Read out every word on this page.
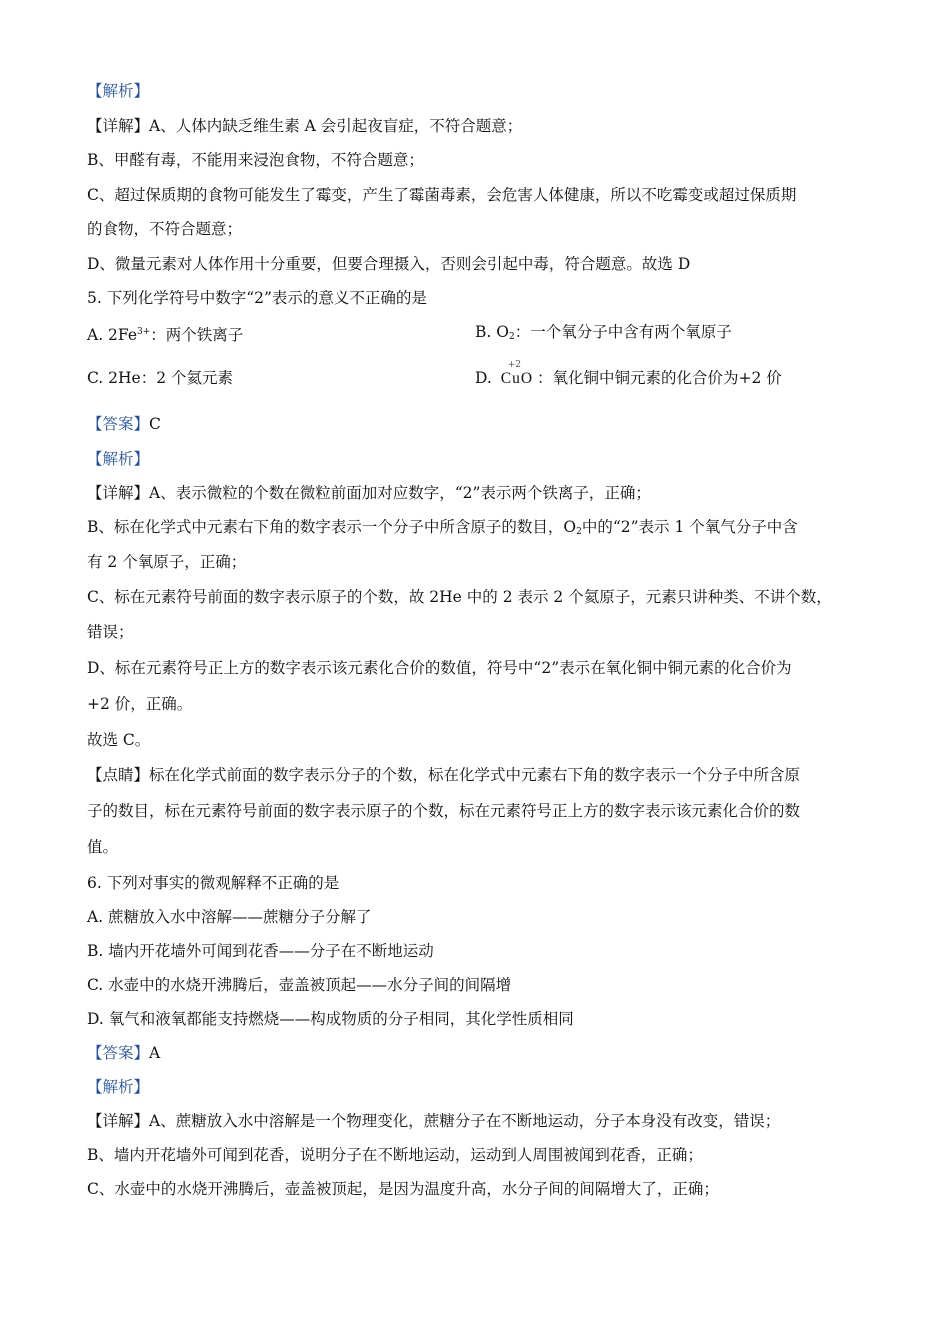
【解析】
【详解】A、人体内缺乏维生素 A 会引起夜盲症，不符合题意；
B、甲醛有毒，不能用来浸泡食物，不符合题意；
C、超过保质期的食物可能发生了霉变，产生了霉菌毒素，会危害人体健康，所以不吃霉变或超过保质期
的食物，不符合题意；
D、微量元素对人体作用十分重要，但要合理摄入，否则会引起中毒，符合题意。故选 D
5. 下列化学符号中数字“2”表示的意义不正确的是
A. $2Fe^{3+}$：两个铁离子	B. $O_2$：一个氧分子中含有两个氧原子
C. 2He：2 个氦元素	D.
+2
CuO ：氧化铜中铜元素的化合价为+2 价
【答案】C
【解析】
【详解】A、表示微粒的个数在微粒前面加对应数字，“2”表示两个铁离子，正确；
B、标在化学式中元素右下角的数字表示一个分子中所含原子的数目，$O_2$中的“2”表示 1 个氧气分子中含
有 2 个氧原子，正确；
C、标在元素符号前面的数字表示原子的个数，故 2He 中的 2 表示 2 个氦原子，元素只讲种类、不讲个数，
错误；
D、标在元素符号正上方的数字表示该元素化合价的数值，符号中“2”表示在氧化铜中铜元素的化合价为
+2 价，正确。
故选 C。
【点睛】标在化学式前面的数字表示分子的个数，标在化学式中元素右下角的数字表示一个分子中所含原
子的数目，标在元素符号前面的数字表示原子的个数，标在元素符号正上方的数字表示该元素化合价的数
值。
6. 下列对事实的微观解释不正确的是
A. 蔗糖放入水中溶解——蔗糖分子分解了
B. 墙内开花墙外可闻到花香——分子在不断地运动
C. 水壶中的水烧开沸腾后，壶盖被顶起——水分子间的间隔增
D. 氧气和液氧都能支持燃烧——构成物质的分子相同，其化学性质相同
【答案】A
【解析】
【详解】A、蔗糖放入水中溶解是一个物理变化，蔗糖分子在不断地运动，分子本身没有改变，错误；
B、墙内开花墙外可闻到花香，说明分子在不断地运动，运动到人周围被闻到花香，正确；
C、水壶中的水烧开沸腾后，壶盖被顶起，是因为温度升高，水分子间的间隔增大了，正确；
